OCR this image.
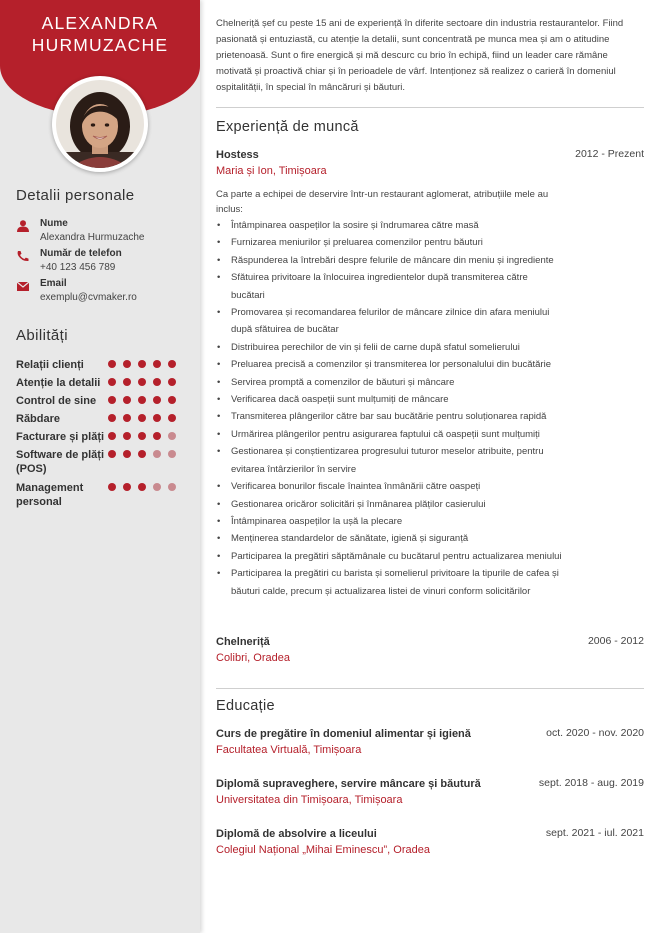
ALEXANDRA
HURMUZACHE
Detalii personale
Nume
Alexandra Hurmuzache
Număr de telefon
+40 123 456 789
Email
exemplu@cvmaker.ro
Abilități
Relații clienți
Atenție la detalii
Control de sine
Răbdare
Facturare și plăți
Software de plăți (POS)
Management personal
Chelneriță șef cu peste 15 ani de experiență în diferite sectoare din industria restaurantelor. Fiind pasionată și entuziastă, cu atenție la detalii, sunt concentrată pe munca mea și am o atitudine prietenoasă. Sunt o fire energică și mă descurc cu brio în echipă, fiind un leader care rămâne motivată și proactivă chiar și în perioadele de vârf. Intenționez să realizez o carieră în domeniul ospitalității, în special în mâncăruri și băuturi.
Experiență de muncă
Hostess	2012 - Prezent
Maria și Ion, Timișoara
Ca parte a echipei de deservire într-un restaurant aglomerat, atribuțiile mele au inclus:
• Întâmpinarea oaspeților la sosire și îndrumarea către masă
• Furnizarea meniurilor și preluarea comenzilor pentru băuturi
• Răspunderea la întrebări despre felurile de mâncare din meniu și ingrediente
• Sfătuirea privitoare la înlocuirea ingredientelor după transmiterea către bucătari
• Promovarea și recomandarea felurilor de mâncare zilnice din afara meniului după sfătuirea de bucătar
• Distribuirea perechilor de vin și felii de carne după sfatul somelierului
• Preluarea precisă a comenzilor și transmiterea lor personalului din bucătărie
• Servirea promptă a comenzilor de băuturi și mâncare
• Verificarea dacă oaspeții sunt mulțumiți de mâncare
• Transmiterea plângerilor către bar sau bucătărie pentru soluționarea rapidă
• Urmărirea plângerilor pentru asigurarea faptului că oaspeții sunt mulțumiți
• Gestionarea și conștientizarea progresului tuturor meselor atribuite, pentru evitarea întârzierilor în servire
• Verificarea bonurilor fiscale înaintea înmânării către oaspeți
• Gestionarea oricăror solicitări și înmânarea plăților casierului
• Întâmpinarea oaspeților la ușă la plecare
• Menținerea standardelor de sănătate, igienă și siguranță
• Participarea la pregătiri săptămânale cu bucătarul pentru actualizarea meniului
• Participarea la pregătiri cu barista și somelierul privitoare la tipurile de cafea și băuturi calde, precum și actualizarea listei de vinuri conform solicitărilor
Chelneriță	2006 - 2012
Colibri, Oradea
Educație
Curs de pregătire în domeniul alimentar și igienă	oct. 2020 - nov. 2020
Facultatea Virtuală, Timișoara
Diplomă supraveghere, servire mâncare și băutură	sept. 2018 - aug. 2019
Universitatea din Timișoara, Timișoara
Diplomă de absolvire a liceului	sept. 2021 - iul. 2021
Colegiul Național „Mihai Eminescu”, Oradea
